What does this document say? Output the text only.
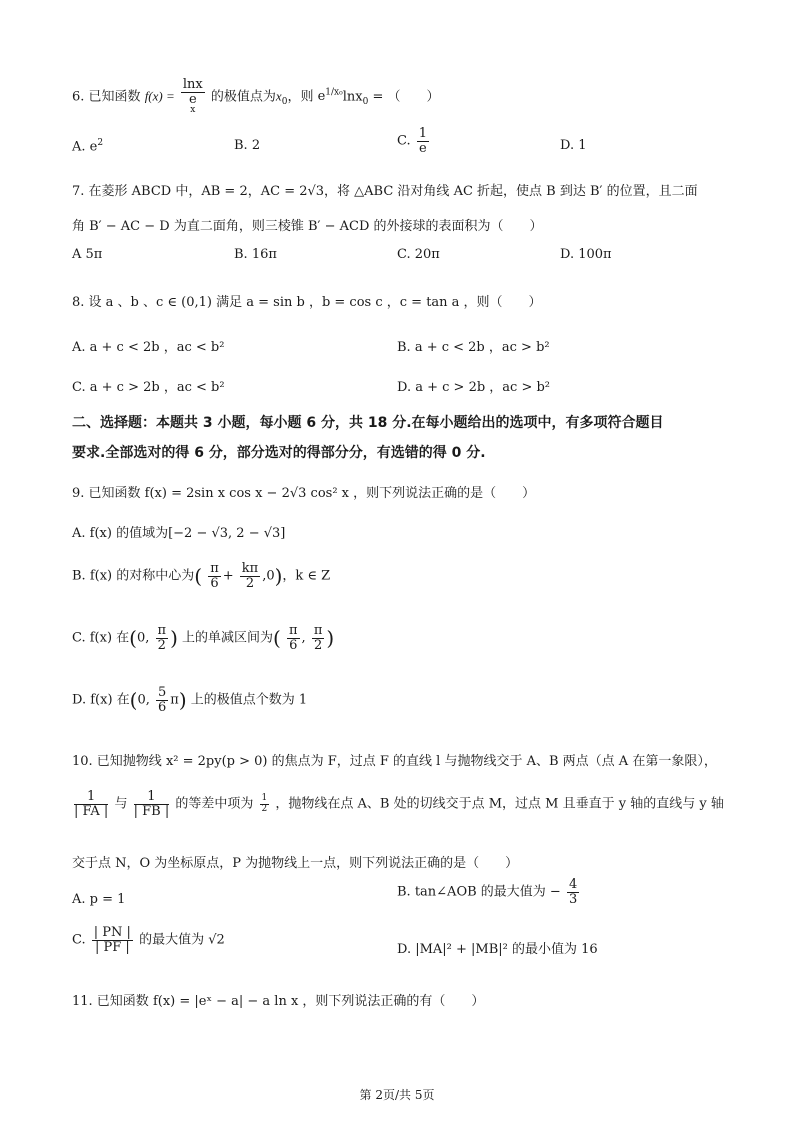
6. 已知函数 f(x) = lnx
e
x 的极值点为$x_0$，则 $e^{1/x_0}\ln x_0$ = （　　）
A. $e^2$	B. 2	C. $\frac{1}{e}$	D. 1
7. 在菱形 ABCD 中，AB = 2，AC = 2√3，将 △ABC 沿对角线 AC 折起，使点 B 到达 B′ 的位置，且二面
角 B′ − AC − D 为直二面角，则三棱锥 B′ − ACD 的外接球的表面积为（　　）
A 5π	B. 16π	C. 20π	D. 100π
8. 设 a 、b 、c ∈ (0,1) 满足 a = sin b ，b = cos c ，c = tan a ，则（　　）
A. a + c < 2b ，ac < b²	B. a + c < 2b ，ac > b²
C. a + c > 2b ，ac < b²	D. a + c > 2b ，ac > b²
二、选择题：本题共 3 小题，每小题 6 分，共 18 分.在每小题给出的选项中，有多项符合题目
要求.全部选对的得 6 分，部分选对的得部分分，有选错的得 0 分.
9. 已知函数 f(x) = 2sin x cos x − 2√3 cos² x ，则下列说法正确的是（　　）
A. f(x) 的值域为[−2 − √3, 2 − √3]
B. f(x) 的对称中心为( $\frac{\pi}{6} + \frac{k\pi}{2} ,0$)，k ∈ Z
C. f(x) 在(0, $\frac{\pi}{2}$ ) 上的单减区间为( $\frac{\pi}{6}$ , $\frac{\pi}{2}$ )
D. f(x) 在(0, $\frac{5}{6} \pi$) 上的极值点个数为 1
10. 已知抛物线 x² = 2py(p > 0) 的焦点为 F，过点 F 的直线 l 与抛物线交于 A、B 两点（点 A 在第一象限），
$\frac{1}{| FA |}$ 与 $\frac{1}{| FB |}$ 的等差中项为 $\frac{1}{2}$ ，抛物线在点 A、B 处的切线交于点 M，过点 M 且垂直于 y 轴的直线与 y 轴
交于点 N，O 为坐标原点，P 为抛物线上一点，则下列说法正确的是（　　）
A. p = 1	B. tan∠AOB 的最大值为 − $\frac{4}{3}$
C. $\frac{| PN |}{| PF |}$ 的最大值为 √2
D. |MA|² + |MB|² 的最小值为 16
11. 已知函数 f(x) = |eˣ − a| − a ln x ，则下列说法正确的有（　　）
第 2页/共 5页
